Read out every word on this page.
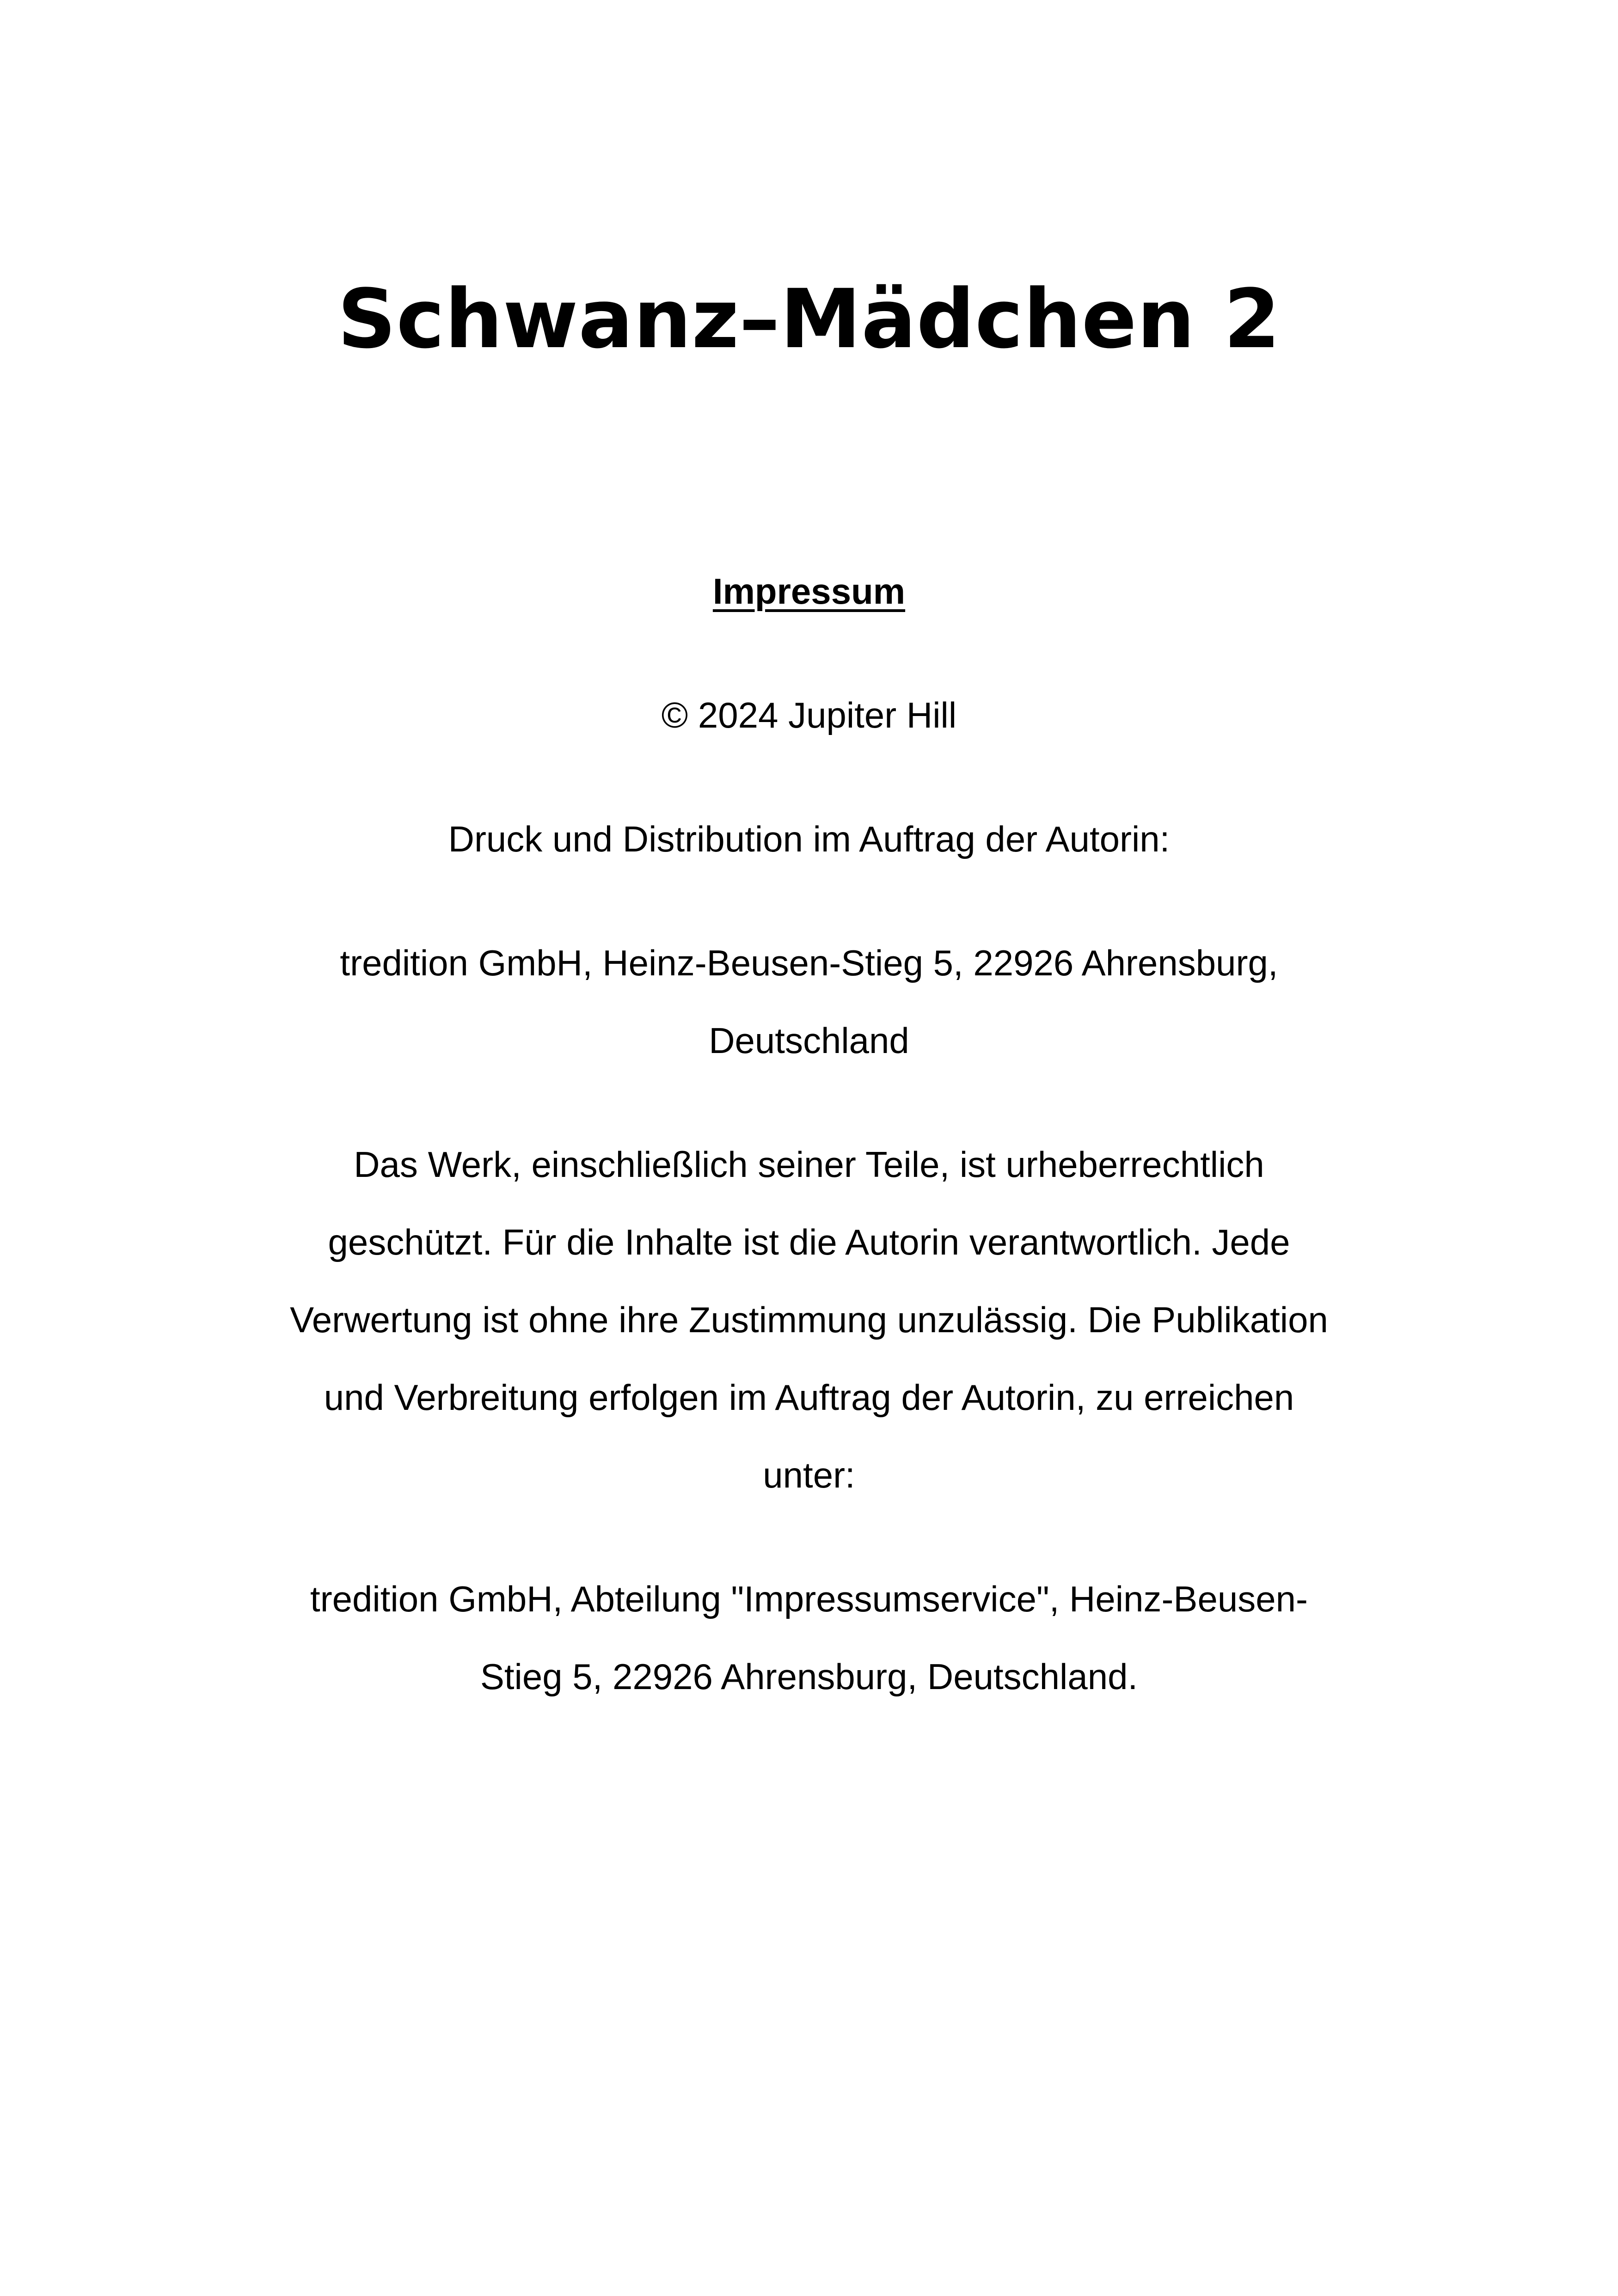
Schwanz–Mädchen 2

Impressum

© 2024 Jupiter Hill

Druck und Distribution im Auftrag der Autorin:

tredition GmbH, Heinz-Beusen-Stieg 5, 22926 Ahrensburg, Deutschland

Das Werk, einschließlich seiner Teile, ist urheberrechtlich geschützt. Für die Inhalte ist die Autorin verantwortlich. Jede Verwertung ist ohne ihre Zustimmung unzulässig. Die Publikation und Verbreitung erfolgen im Auftrag der Autorin, zu erreichen unter:

tredition GmbH, Abteilung "Impressumservice", Heinz-Beusen-Stieg 5, 22926 Ahrensburg, Deutschland.
